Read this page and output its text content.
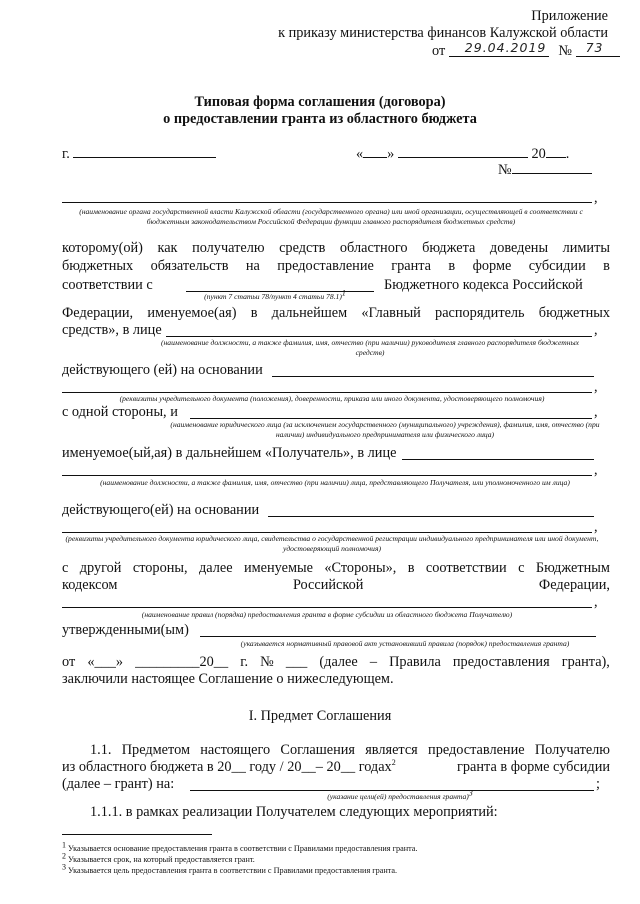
Приложение
к приказу министерства финансов Калужской области
от 29.04.2019 № 73
Типовая форма соглашения (договора)
о предоставлении гранта из областного бюджета
г.	« »	20 .
№
,
(наименование органа государственной власти Калужской области (государственного органа) или иной организации, осуществляющей в соответствии с бюджетным законодательством Российской Федерации функции главного распорядителя бюджетных средств)
которому(ой) как получателю средств областного бюджета доведены лимиты
бюджетных обязательств на предоставление гранта в форме субсидии в
соответствии с	Бюджетного кодекса Российской
(пункт 7 статьи 78/пункт 4 статьи 78.1)1
Федерации, именуемое(ая) в дальнейшем «Главный распорядитель бюджетных
средств», в лице	,
(наименование должности, а также фамилия, имя, отчество (при наличии) руководителя главного распорядителя бюджетных средств)
действующего (ей) на основании
,
(реквизиты учредительного документа (положения), доверенности, приказа или иного документа, удостоверяющего полномочия)
с одной стороны, и	,
(наименование юридического лица (за исключением государственного (муниципального) учреждения), фамилия, имя, отчество (при наличии) индивидуального предпринимателя или физического лица)
именуемое(ый,ая) в дальнейшем «Получатель», в лице
,
(наименование должности, а также фамилия, имя, отчество (при наличии) лица, представляющего Получателя, или уполномоченного им лица)
действующего(ей) на основании
,
(реквизиты учредительного документа юридического лица, свидетельства о государственной регистрации индивидуального предпринимателя или иной документ, удостоверяющий полномочия)
с другой стороны, далее именуемые «Стороны», в соответствии с Бюджетным
кодексом	Российской	Федерации,
,
(наименование правил (порядка) предоставления гранта в форме субсидии из областного бюджета Получателю)
утвержденными(ым)
(указывается нормативный правовой акт установивший правила (порядок) предоставления гранта)
от «___» _________20__ г. № ___ (далее – Правила предоставления гранта),
заключили настоящее Соглашение о нижеследующем.
I. Предмет Соглашения
1.1. Предметом настоящего Соглашения является предоставление Получателю
из областного бюджета в 20__ году / 20__– 20__ годах$^2$	гранта в форме субсидии
(далее – грант) на:	;
(указание цели(ей) предоставления гранта)3
1.1.1. в рамках реализации Получателем следующих мероприятий:
1 Указывается основание предоставления гранта в соответствии с Правилами предоставления гранта.
2 Указывается срок, на который предоставляется грант.
3 Указывается цель предоставления гранта в соответствии с Правилами предоставления гранта.
